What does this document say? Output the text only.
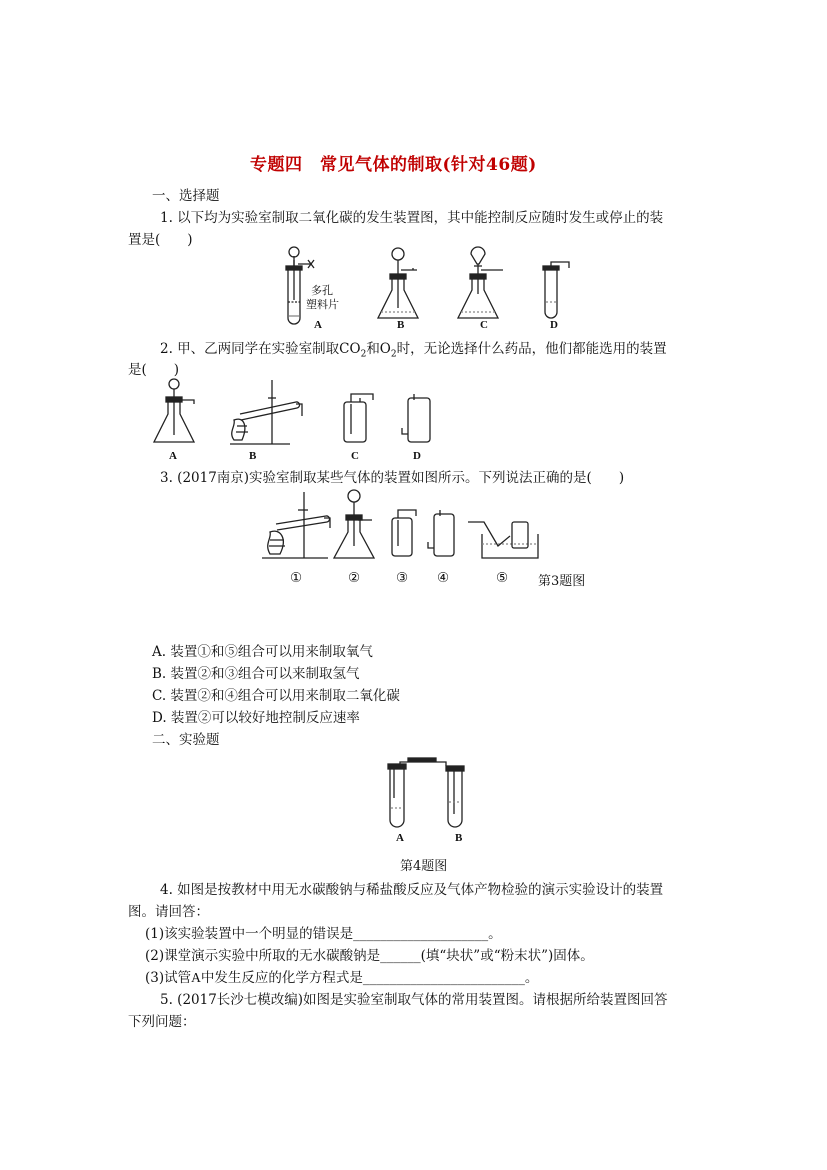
专题四　常见气体的制取(针对46题)
一、选择题
1. 以下均为实验室制取二氧化碳的发生装置图，其中能控制反应随时发生或停止的装
置是(　　)
A	B	C	D
多孔
塑料片
2. 甲、乙两同学在实验室制取$CO_2$和$O_2$时，无论选择什么药品，他们都能选用的装置
是(　　)
A	B	C	D
3. (2017南京)实验室制取某些气体的装置如图所示。下列说法正确的是(　　)
①	②	③ ④	⑤ 第3题图
A. 装置①和⑤组合可以用来制取氧气
B. 装置②和③组合可以来制取氢气
C. 装置②和④组合可以用来制取二氧化碳
D. 装置②可以较好地控制反应速率
二、实验题
A	B
第4题图
4. 如图是按教材中用无水碳酸钠与稀盐酸反应及气体产物检验的演示实验设计的装置
图。请回答：
(1)该实验装置中一个明显的错误是____________________。
(2)课堂演示实验中所取的无水碳酸钠是______(填“块状”或“粉末状”)固体。
(3)试管A中发生反应的化学方程式是________________________。
5. (2017长沙七模改编)如图是实验室制取气体的常用装置图。请根据所给装置图回答
下列问题：
